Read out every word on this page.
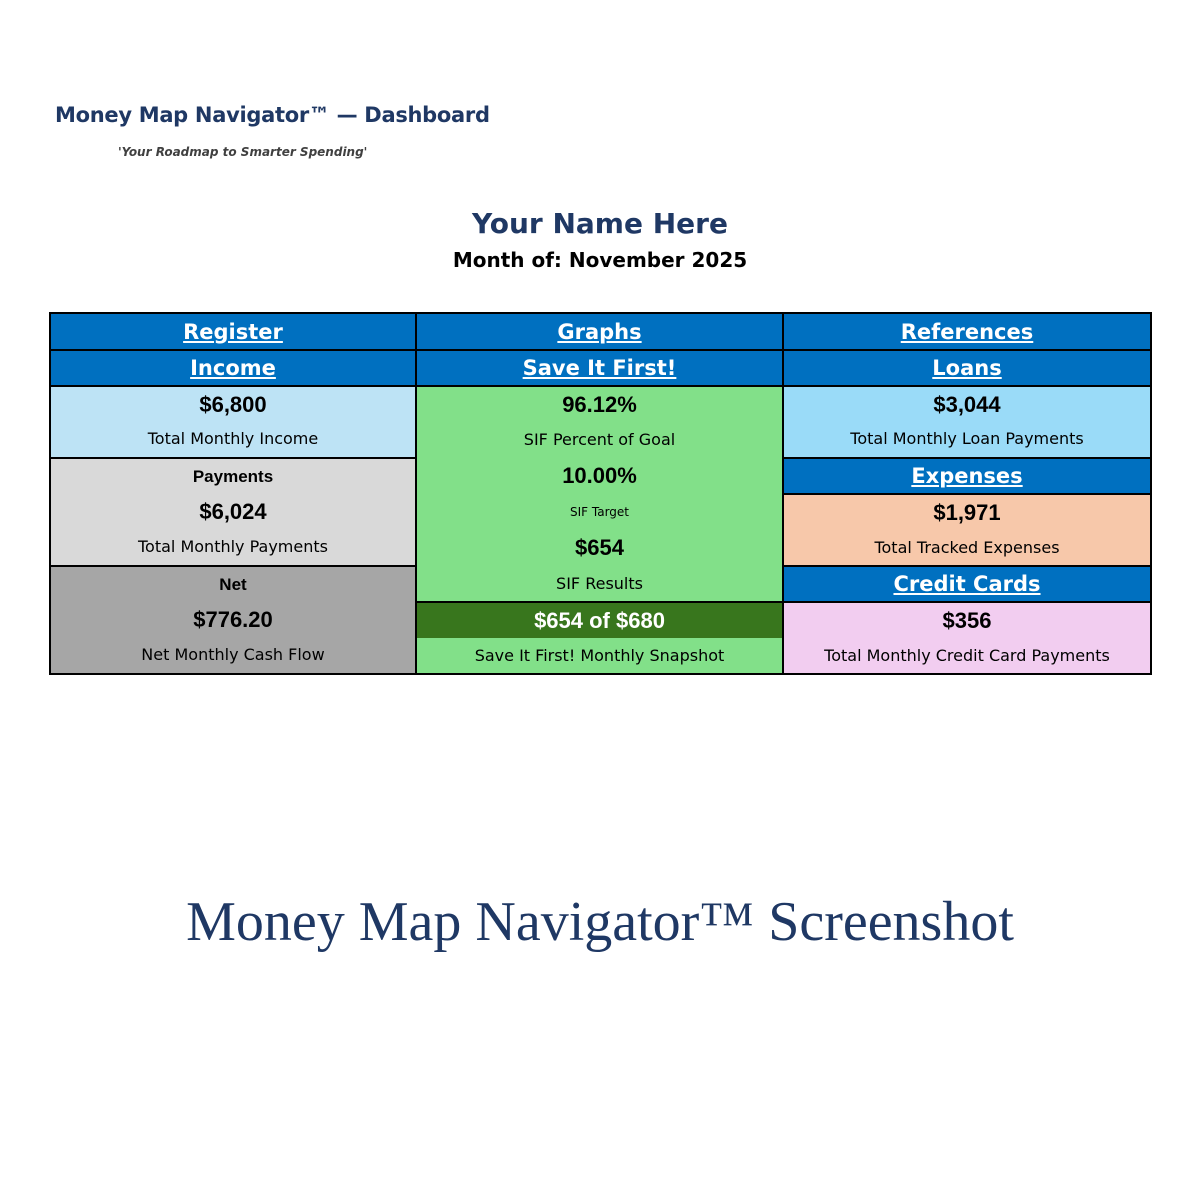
Money Map Navigator™ — Dashboard
'Your Roadmap to Smarter Spending'
Your Name Here
Month of: November 2025
Register
Income
$6,800
Total Monthly Income
Payments
$6,024
Total Monthly Payments
Net
$776.20
Net Monthly Cash Flow
Graphs
Save It First!
96.12%
SIF Percent of Goal
10.00%
SIF Target
$654
SIF Results
$654 of $680
Save It First! Monthly Snapshot
References
Loans
$3,044
Total Monthly Loan Payments
Expenses
$1,971
Total Tracked Expenses
Credit Cards
$356
Total Monthly Credit Card Payments
Money Map Navigator™ Screenshot
